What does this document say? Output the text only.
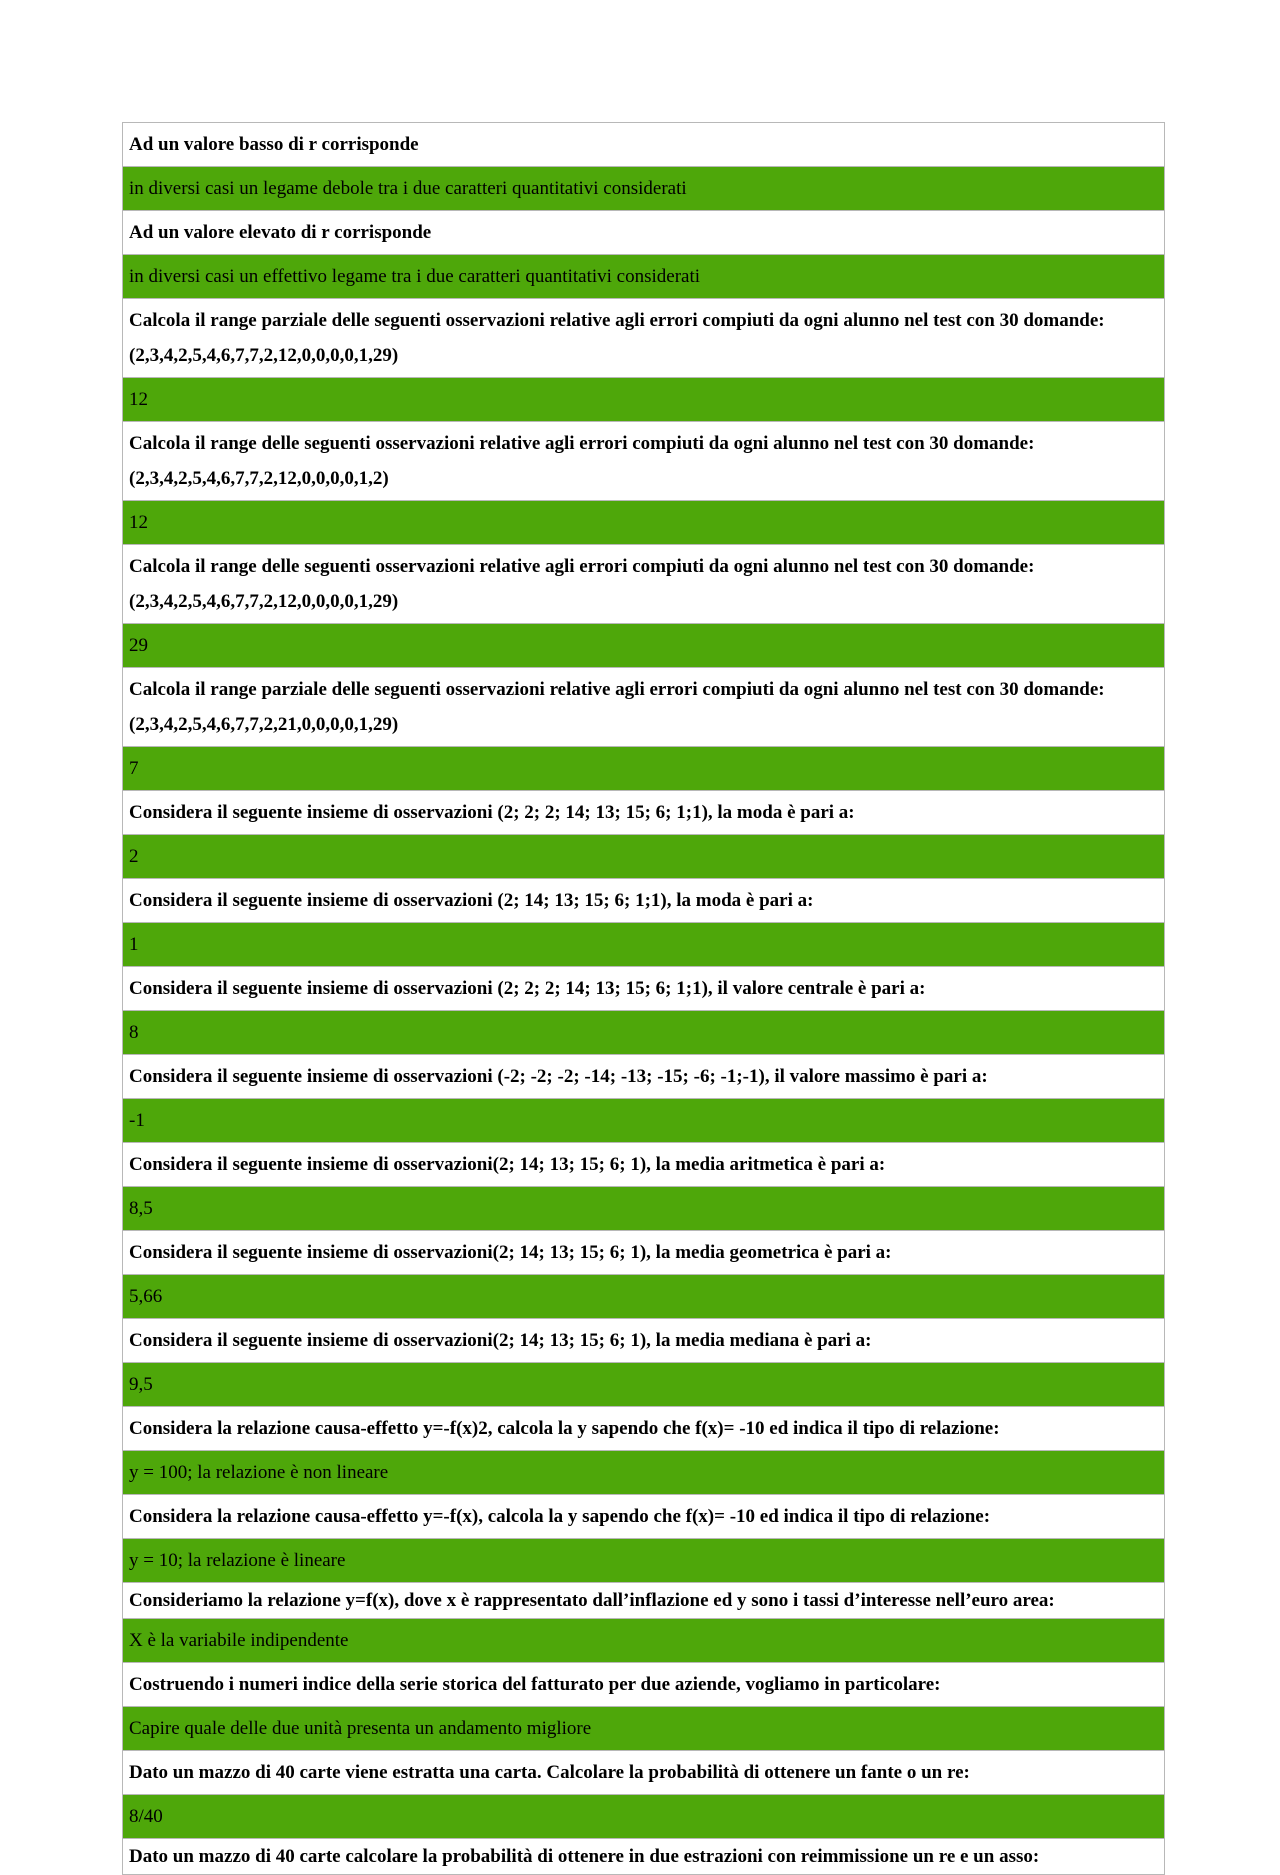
Ad un valore basso di r corrisponde
in diversi casi un legame debole tra i due caratteri quantitativi considerati
Ad un valore elevato di r corrisponde
in diversi casi un effettivo legame tra i due caratteri quantitativi considerati
Calcola il range parziale delle seguenti osservazioni relative agli errori compiuti da ogni alunno nel test con 30 domande: (2,3,4,2,5,4,6,7,7,2,12,0,0,0,0,1,29)
12
Calcola il range delle seguenti osservazioni relative agli errori compiuti da ogni alunno nel test con 30 domande: (2,3,4,2,5,4,6,7,7,2,12,0,0,0,0,1,2)
12
Calcola il range delle seguenti osservazioni relative agli errori compiuti da ogni alunno nel test con 30 domande: (2,3,4,2,5,4,6,7,7,2,12,0,0,0,0,1,29)
29
Calcola il range parziale delle seguenti osservazioni relative agli errori compiuti da ogni alunno nel test con 30 domande: (2,3,4,2,5,4,6,7,7,2,21,0,0,0,0,1,29)
7
Considera il seguente insieme di osservazioni (2; 2; 2; 14; 13; 15; 6; 1;1), la moda è pari a:
2
Considera il seguente insieme di osservazioni (2; 14; 13; 15; 6; 1;1), la moda è pari a:
1
Considera il seguente insieme di osservazioni (2; 2; 2; 14; 13; 15; 6; 1;1), il valore centrale è pari a:
8
Considera il seguente insieme di osservazioni (-2; -2; -2; -14; -13; -15; -6; -1;-1), il valore massimo è pari a:
-1
Considera il seguente insieme di osservazioni(2; 14; 13; 15; 6; 1), la media aritmetica è pari a:
8,5
Considera il seguente insieme di osservazioni(2; 14; 13; 15; 6; 1), la media geometrica è pari a:
5,66
Considera il seguente insieme di osservazioni(2; 14; 13; 15; 6; 1), la media mediana è pari a:
9,5
Considera la relazione causa-effetto y=-f(x)2, calcola la y sapendo che f(x)= -10 ed indica il tipo di relazione:
y = 100; la relazione è non lineare
Considera la relazione causa-effetto y=-f(x), calcola la y sapendo che f(x)= -10 ed indica il tipo di relazione:
y = 10; la relazione è lineare
Consideriamo la relazione y=f(x), dove x è rappresentato dall’inflazione ed y sono i tassi d’interesse nell’euro area:
X è la variabile indipendente
Costruendo i numeri indice della serie storica del fatturato per due aziende, vogliamo in particolare:
Capire quale delle due unità presenta un andamento migliore
Dato un mazzo di 40 carte viene estratta una carta. Calcolare la probabilità di ottenere un fante o un re:
8/40
Dato un mazzo di 40 carte calcolare la probabilità di ottenere in due estrazioni con reimmissione un re e un asso:
